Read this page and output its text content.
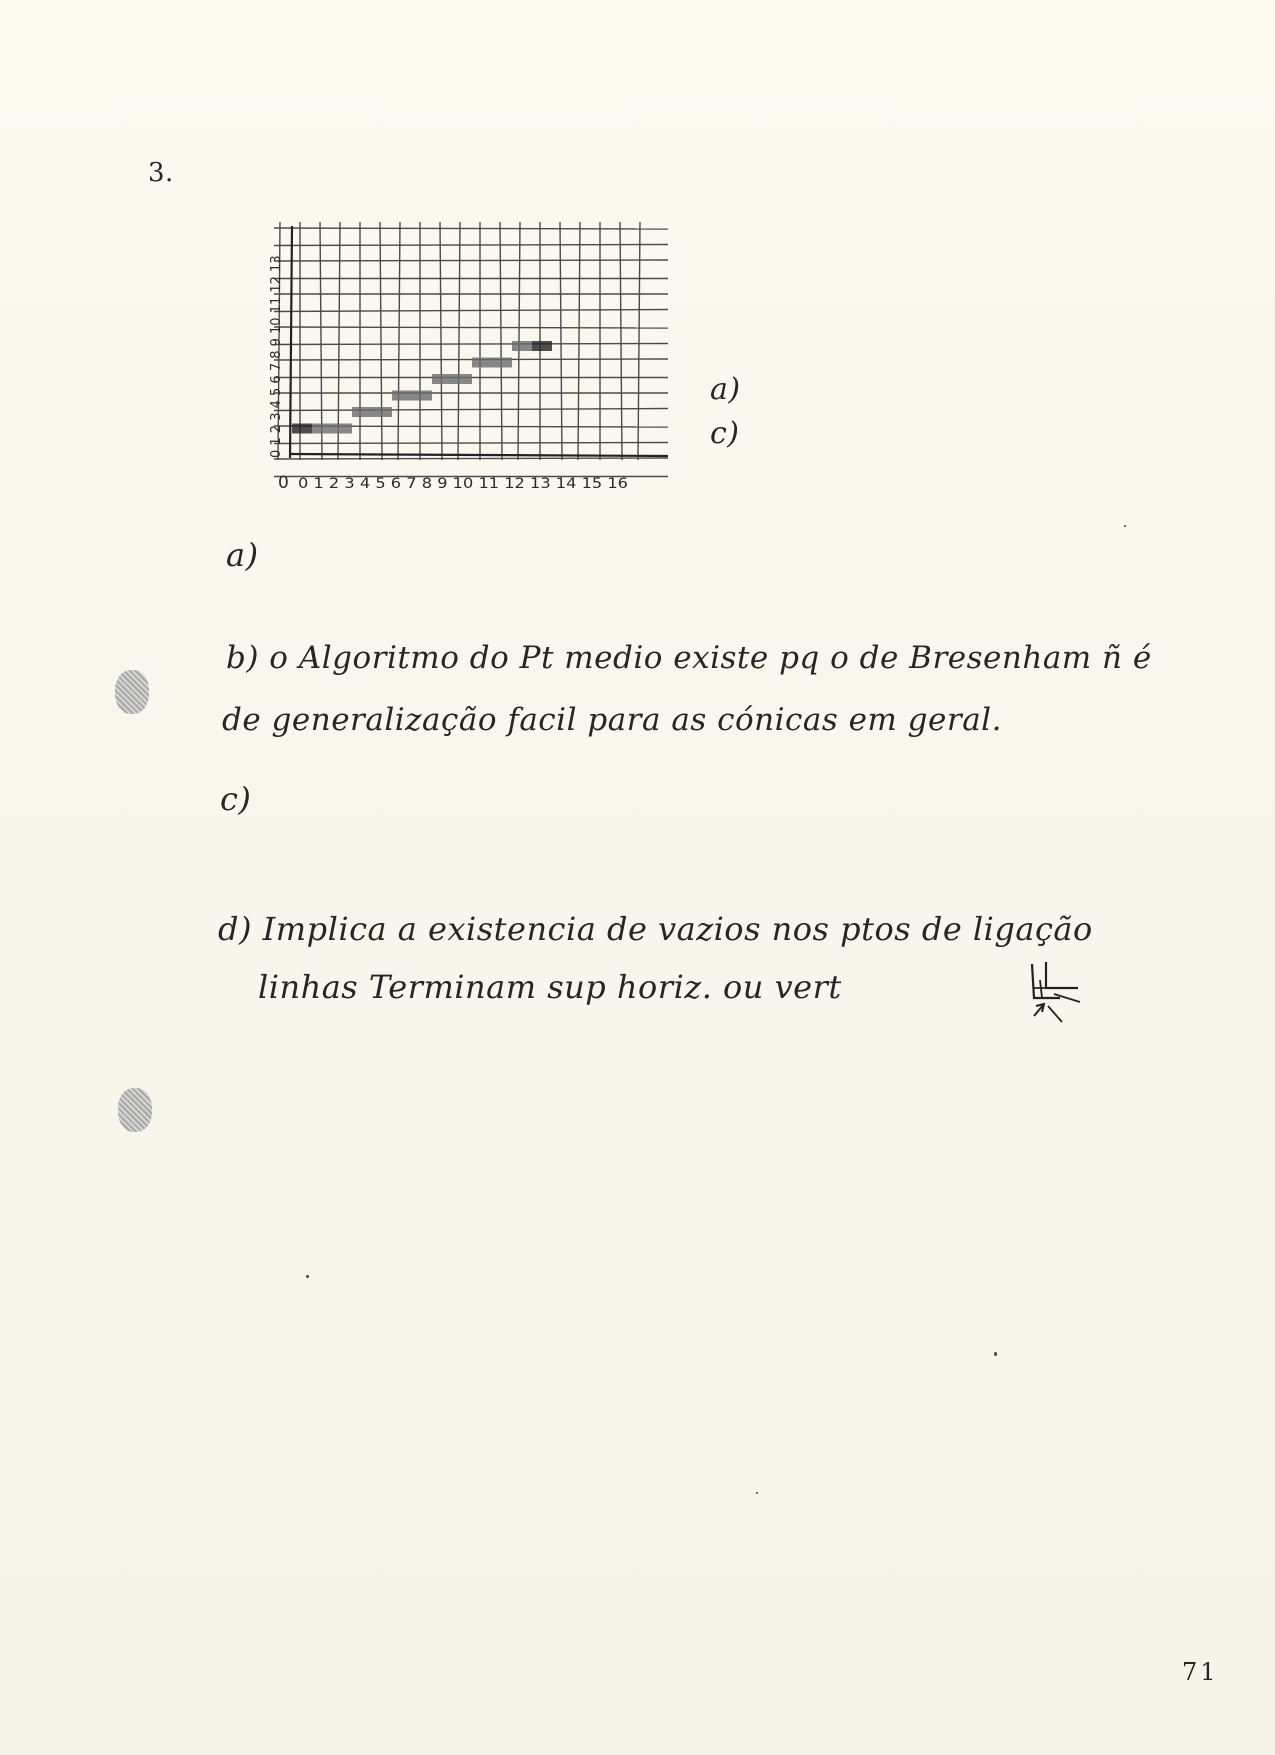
3.
0 1 2 3 4 5 6 7 8 9 10 11 12 13
0 0 1 2 3 4 5 6 7 8 9 10 11 12 13 14 15 16
a)
c)
a)
b) o Algoritmo do Pt medio existe pq o de Bresenham ñ é
de generalização facil para as cónicas em geral.
c)
d) Implica a existencia de vazios nos ptos de ligação
linhas Terminam sup horiz. ou vert
71
